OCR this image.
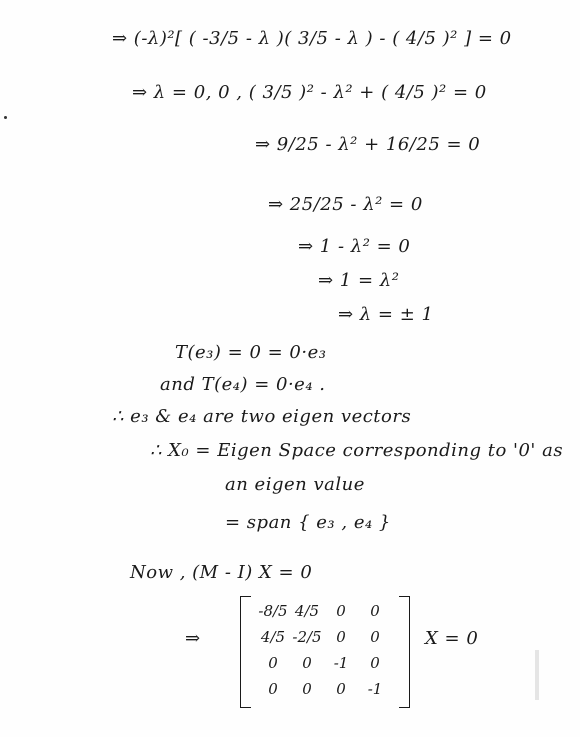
⇒ (-λ)²[ ( -3/5 - λ )( 3/5 - λ ) - ( 4/5 )² ] = 0
⇒ λ = 0, 0 , ( 3/5 )² - λ² + ( 4/5 )² = 0
⇒ 9/25 - λ² + 16/25 = 0
⇒ 25/25 - λ² = 0
⇒ 1 - λ² = 0
⇒ 1 = λ²
⇒ λ = ± 1
T(e₃) = 0 = 0·e₃
and T(e₄) = 0·e₄ .
∴ e₃ & e₄ are two eigen vectors
∴ X₀ = Eigen Space corresponding to '0' as
an eigen value
= span { e₃ , e₄ }
Now , (M - I) X = 0
⇒
-8/5 4/5 0 0
4/5 -2/5 0 0
0 0 -1 0
0 0 0 -1
X = 0
